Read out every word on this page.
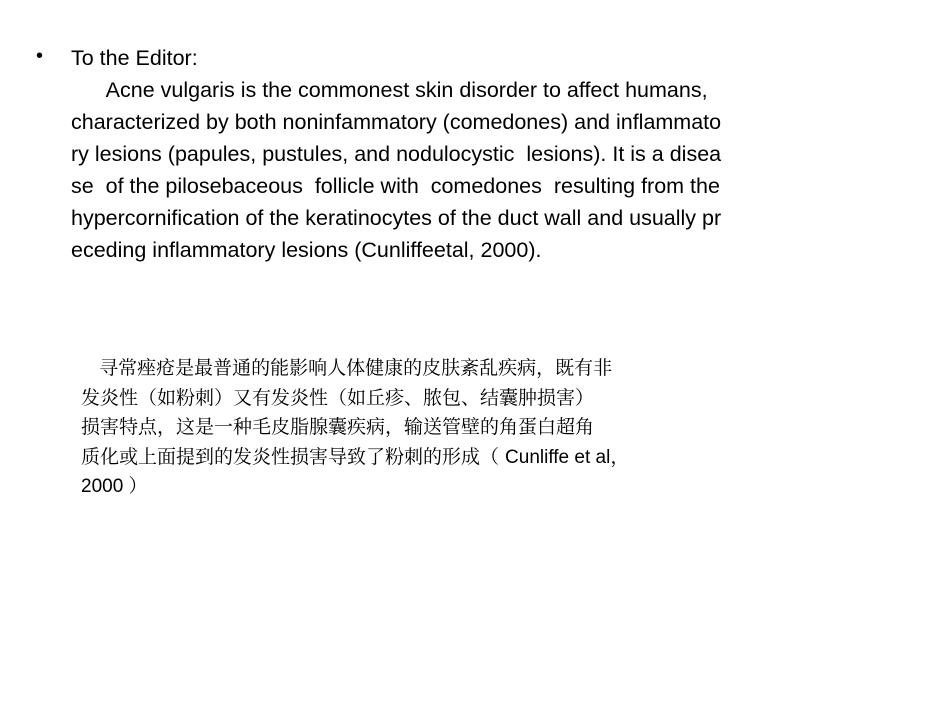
• To the Editor:
Acne vulgaris is the commonest skin disorder to affect humans,
characterized by both noninfammatory (comedones) and inflammato
ry lesions (papules, pustules, and nodulocystic  lesions). It is a disea
se  of the pilosebaceous  follicle with  comedones  resulting from the
hypercornification of the keratinocytes of the duct wall and usually pr
eceding inflammatory lesions (Cunliffeetal, 2000).
寻常痤疮是最普通的能影响人体健康的皮肤紊乱疾病，既有非
发炎性（如粉刺）又有发炎性（如丘疹、脓包、结囊肿损害）
损害特点，这是一种毛皮脂腺囊疾病，输送管壁的角蛋白超角
质化或上面提到的发炎性损害导致了粉刺的形成（ Cunliffe et al，
2000 ）
